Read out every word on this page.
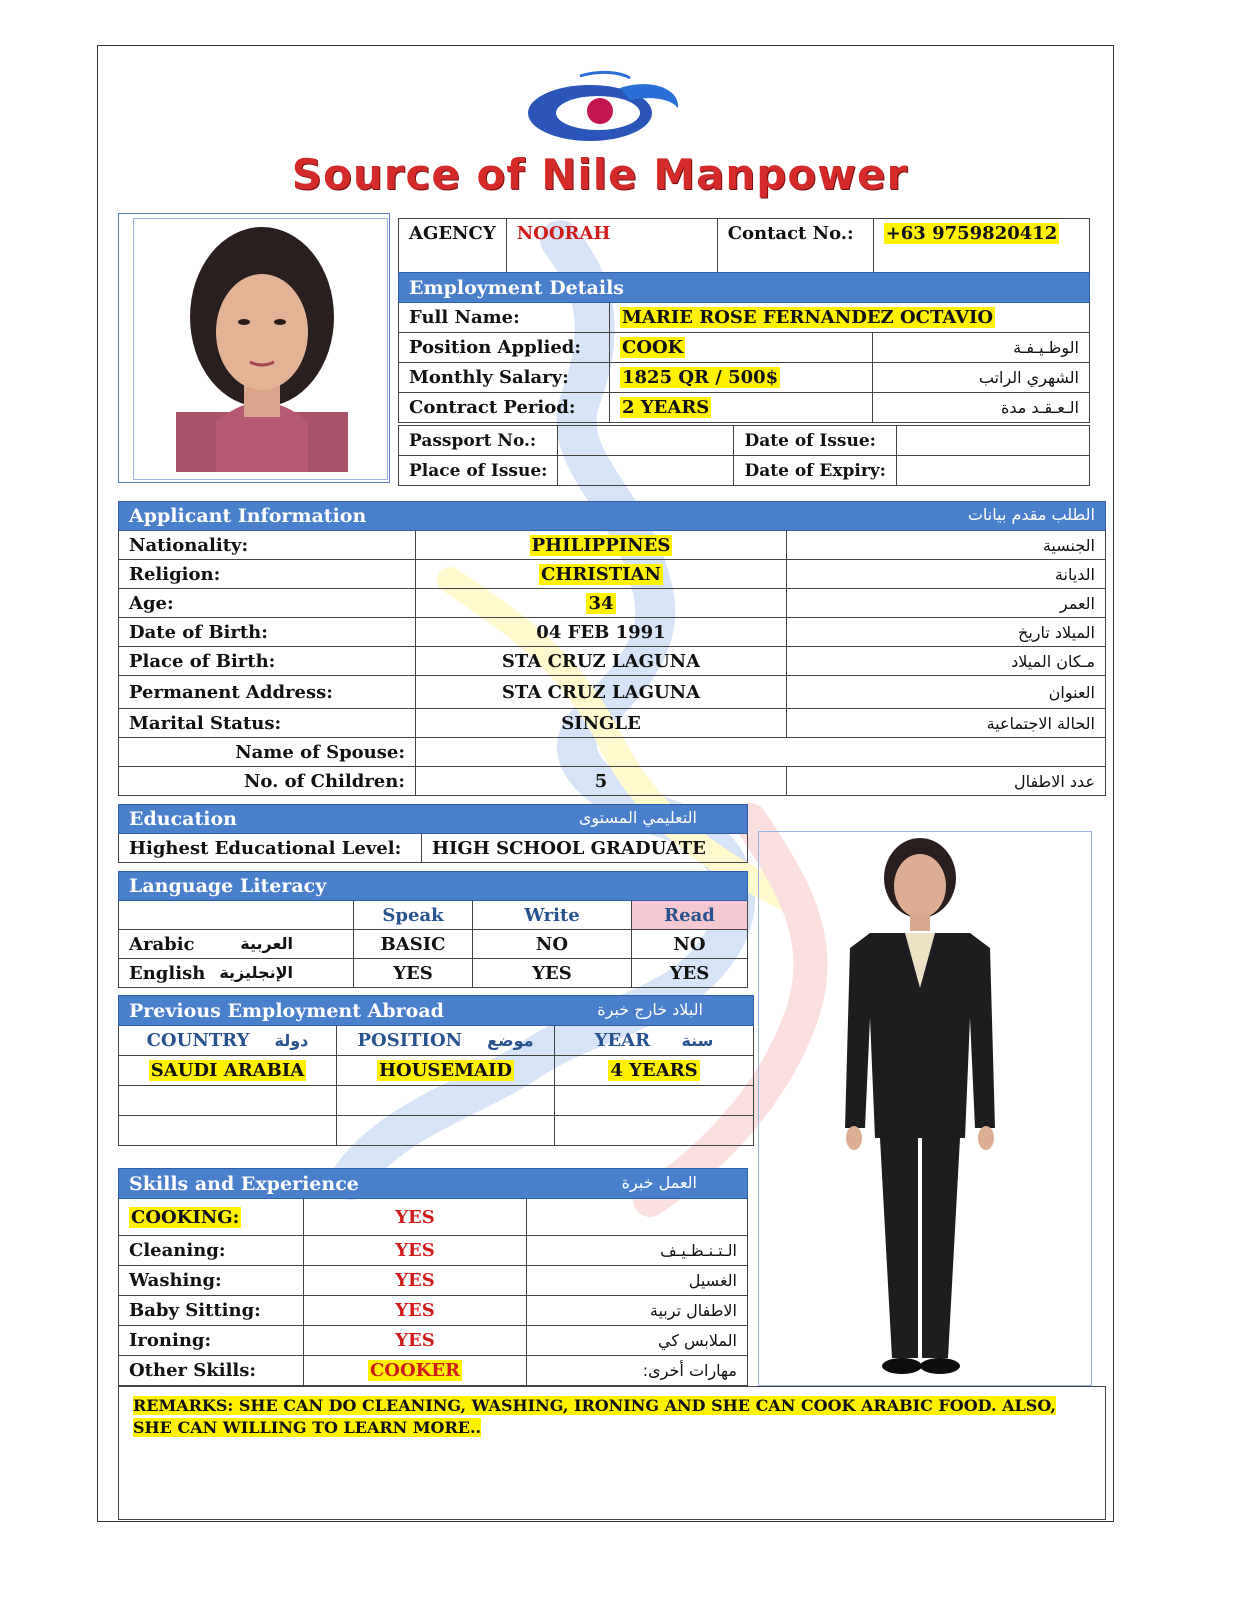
Source of Nile Manpower
AGENCY	NOORAH	Contact No.:	+63 9759820412
Employment Details		
Full Name:	MARIE ROSE FERNANDEZ OCTAVIO	
Position Applied:	COOK	الوظـيـفـة
Monthly Salary:	1825 QR / 500$	الشهري الراتب
Contract Period:	2 YEARS	الـعـقـد مدة
Passport No.:		Date of Issue:	
Place of Issue:		Date of Expiry:	
Applicant Information الطلب مقدم بيانات		

Nationality:	PHILIPPINES	الجنسية
Religion:	CHRISTIAN	الديانة
Age:	34	العمر
Date of Birth:	04 FEB 1991	الميلاد تاريخ
Place of Birth:	STA CRUZ LAGUNA	مـكان الميلاد
Permanent Address:	STA CRUZ LAGUNA	العنوان
Marital Status:	SINGLE	الحالة الاجتماعية
Name of Spouse:		
No. of Children:	5	عدد الاطفال
Education	التعليمي المستوى

Highest Educational Level:	HIGH SCHOOL GRADUATE
Language Literacy			
	Speak	Write	Read
Arabic العربية	BASIC	NO	NO
English الإنجليزية	YES	YES	YES
Previous Employment Abroad البلاد خارج خبرة		

COUNTRY دولة	POSITION موضع	YEAR سنة
SAUDI ARABIA	HOUSEMAID	4 YEARS

Skills and Experience العمل خبرة		

COOKING:	YES	
Cleaning:	YES	الـتـنـظـيـف
Washing:	YES	الغسيل
Baby Sitting:	YES	الاطفال تربية
Ironing:	YES	الملابس كي
Other Skills:	COOKER	مهارات أخرى:
REMARKS: SHE CAN DO CLEANING, WASHING, IRONING AND SHE CAN COOK ARABIC FOOD. ALSO, SHE CAN WILLING TO LEARN MORE..
